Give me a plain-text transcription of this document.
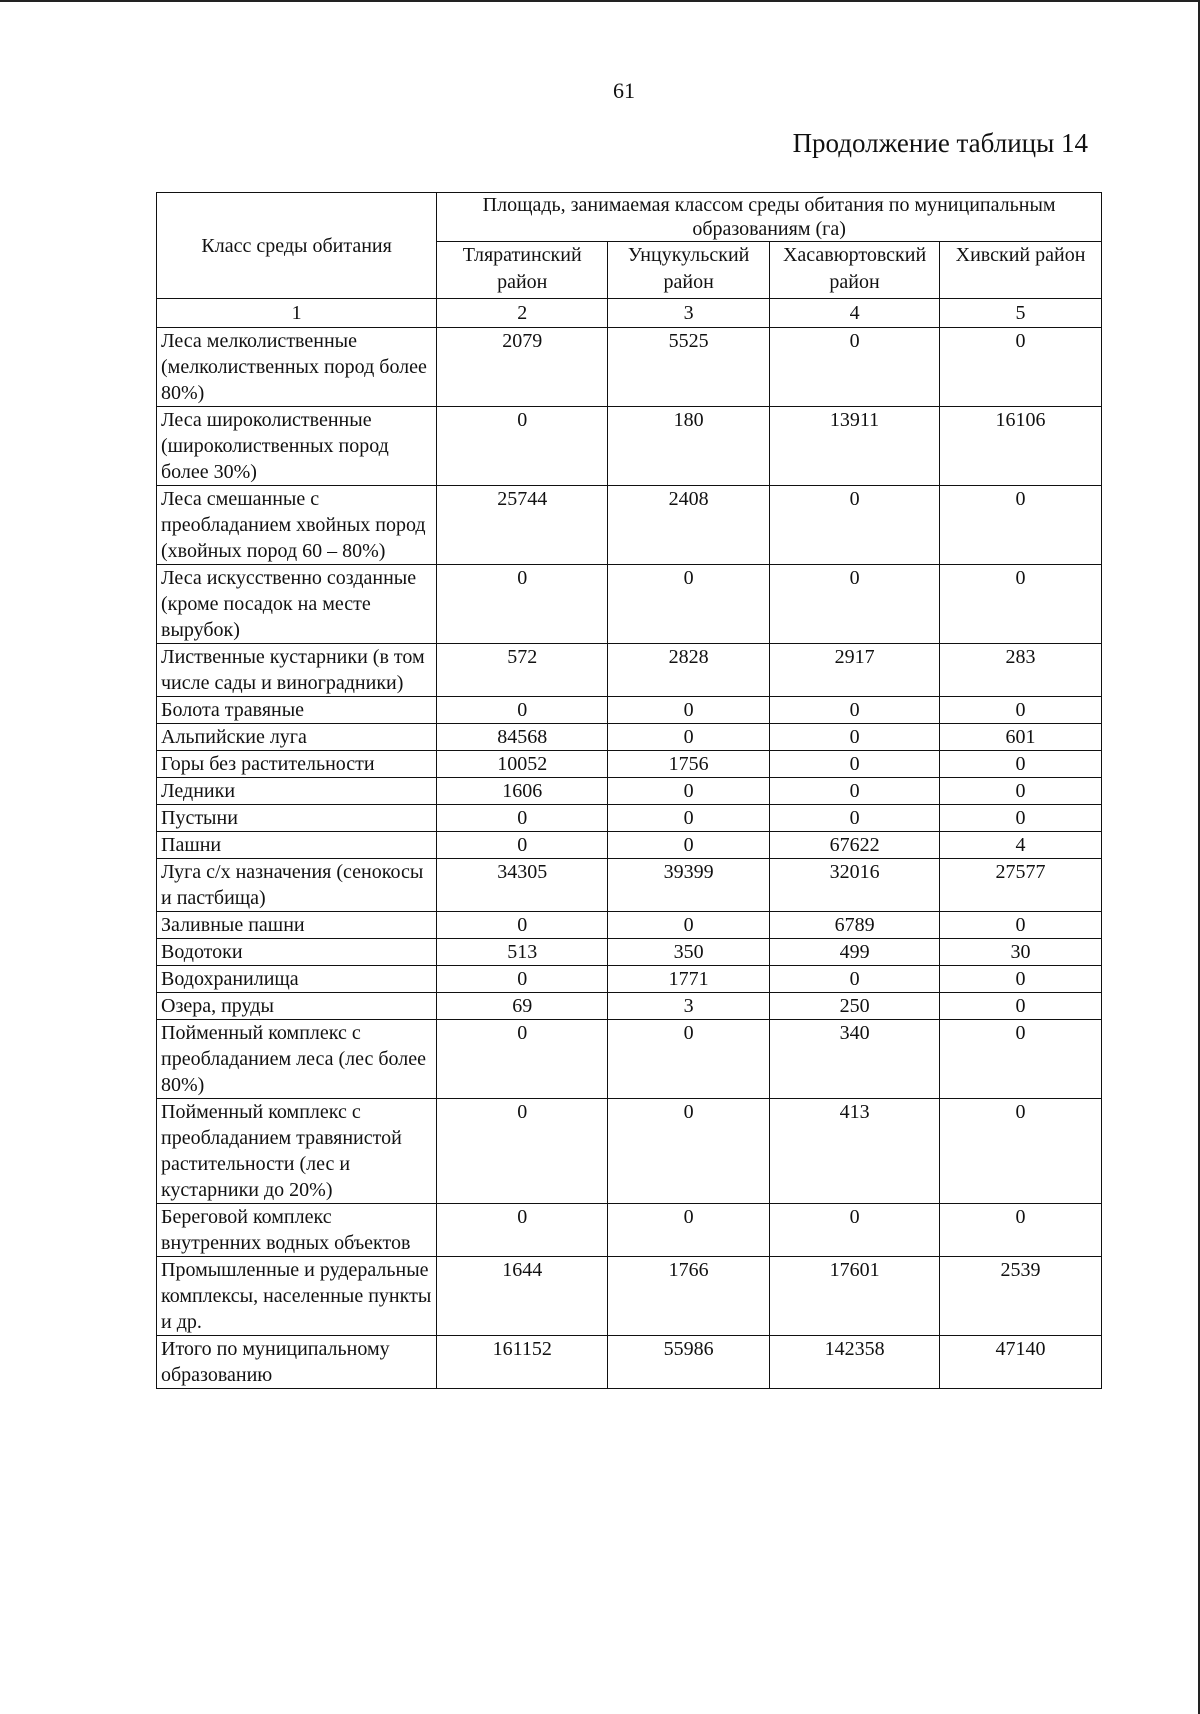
61
Продолжение таблицы 14
Класс среды обитания	Площадь, занимаемая классом среды обитания по муниципальным образованиям (га)			
	Тляратинский район	Унцукульский район	Хасавюртовский район	Хивский район
1	2	3	4	5
Леса мелколиственные (мелколиственных пород более 80%)	2079	5525	0	0
Леса широколиственные (широколиственных пород более 30%)	0	180	13911	16106
Леса смешанные с преобладанием хвойных пород (хвойных пород 60 – 80%)	25744	2408	0	0
Леса искусственно созданные (кроме посадок на месте вырубок)	0	0	0	0
Лиственные кустарники (в том числе сады и виноградники)	572	2828	2917	283
Болота травяные	0	0	0	0
Альпийские луга	84568	0	0	601
Горы без растительности	10052	1756	0	0
Ледники	1606	0	0	0
Пустыни	0	0	0	0
Пашни	0	0	67622	4
Луга с/х назначения (сенокосы и пастбища)	34305	39399	32016	27577
Заливные пашни	0	0	6789	0
Водотоки	513	350	499	30
Водохранилища	0	1771	0	0
Озера, пруды	69	3	250	0
Пойменный комплекс с преобладанием леса (лес более 80%)	0	0	340	0
Пойменный комплекс с преобладанием травянистой растительности (лес и кустарники до 20%)	0	0	413	0
Береговой комплекс внутренних водных объектов	0	0	0	0
Промышленные и рудеральные комплексы, населенные пункты и др.	1644	1766	17601	2539
Итого по муниципальному образованию	161152	55986	142358	47140
